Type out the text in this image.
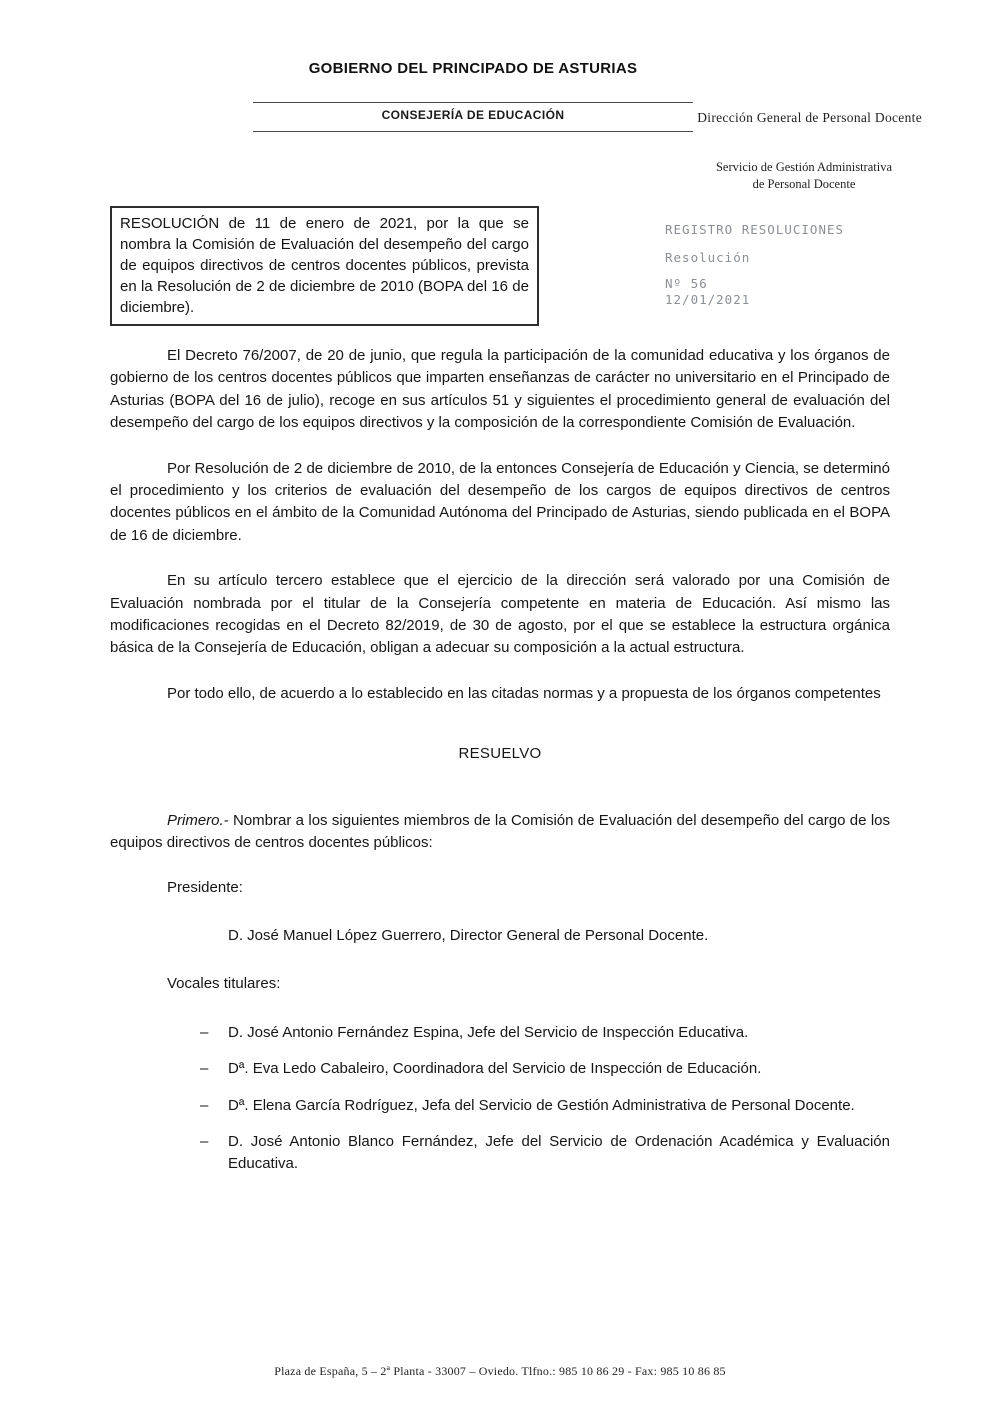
GOBIERNO DEL PRINCIPADO DE ASTURIAS
CONSEJERÍA DE EDUCACIÓN	Dirección General de Personal Docente
Servicio de Gestión Administrativa
de Personal Docente
RESOLUCIÓN de 11 de enero de 2021, por la que se nombra la Comisión de Evaluación del desempeño del cargo de equipos directivos de centros docentes públicos, prevista en la Resolución de 2 de diciembre de 2010 (BOPA del 16 de diciembre).
REGISTRO RESOLUCIONES
Resolución
Nº 56
12/01/2021

El Decreto 76/2007, de 20 de junio, que regula la participación de la comunidad educativa y los órganos de gobierno de los centros docentes públicos que imparten enseñanzas de carácter no universitario en el Principado de Asturias (BOPA del 16 de julio), recoge en sus artículos 51 y siguientes el procedimiento general de evaluación del desempeño del cargo de los equipos directivos y la composición de la correspondiente Comisión de Evaluación.

Por Resolución de 2 de diciembre de 2010, de la entonces Consejería de Educación y Ciencia, se determinó el procedimiento y los criterios de evaluación del desempeño de los cargos de equipos directivos de centros docentes públicos en el ámbito de la Comunidad Autónoma del Principado de Asturias, siendo publicada en el BOPA de 16 de diciembre.

En su artículo tercero establece que el ejercicio de la dirección será valorado por una Comisión de Evaluación nombrada por el titular de la Consejería competente en materia de Educación. Así mismo las modificaciones recogidas en el Decreto 82/2019, de 30 de agosto, por el que se establece la estructura orgánica básica de la Consejería de Educación, obligan a adecuar su composición a la actual estructura.

Por todo ello, de acuerdo a lo establecido en las citadas normas y a propuesta de los órganos competentes

RESUELVO

Primero.- Nombrar a los siguientes miembros de la Comisión de Evaluación del desempeño del cargo de los equipos directivos de centros docentes públicos:

Presidente:
D. José Manuel López Guerrero, Director General de Personal Docente.
Vocales titulares:
–	D. José Antonio Fernández Espina, Jefe del Servicio de Inspección Educativa.
–	Dª. Eva Ledo Cabaleiro, Coordinadora del Servicio de Inspección de Educación.
–	Dª. Elena García Rodríguez, Jefa del Servicio de Gestión Administrativa de Personal Docente.
–	D. José Antonio Blanco Fernández, Jefe del Servicio de Ordenación Académica y Evaluación Educativa.
Plaza de España, 5 – 2ª Planta - 33007 – Oviedo. Tlfno.: 985 10 86 29 - Fax: 985 10 86 85
